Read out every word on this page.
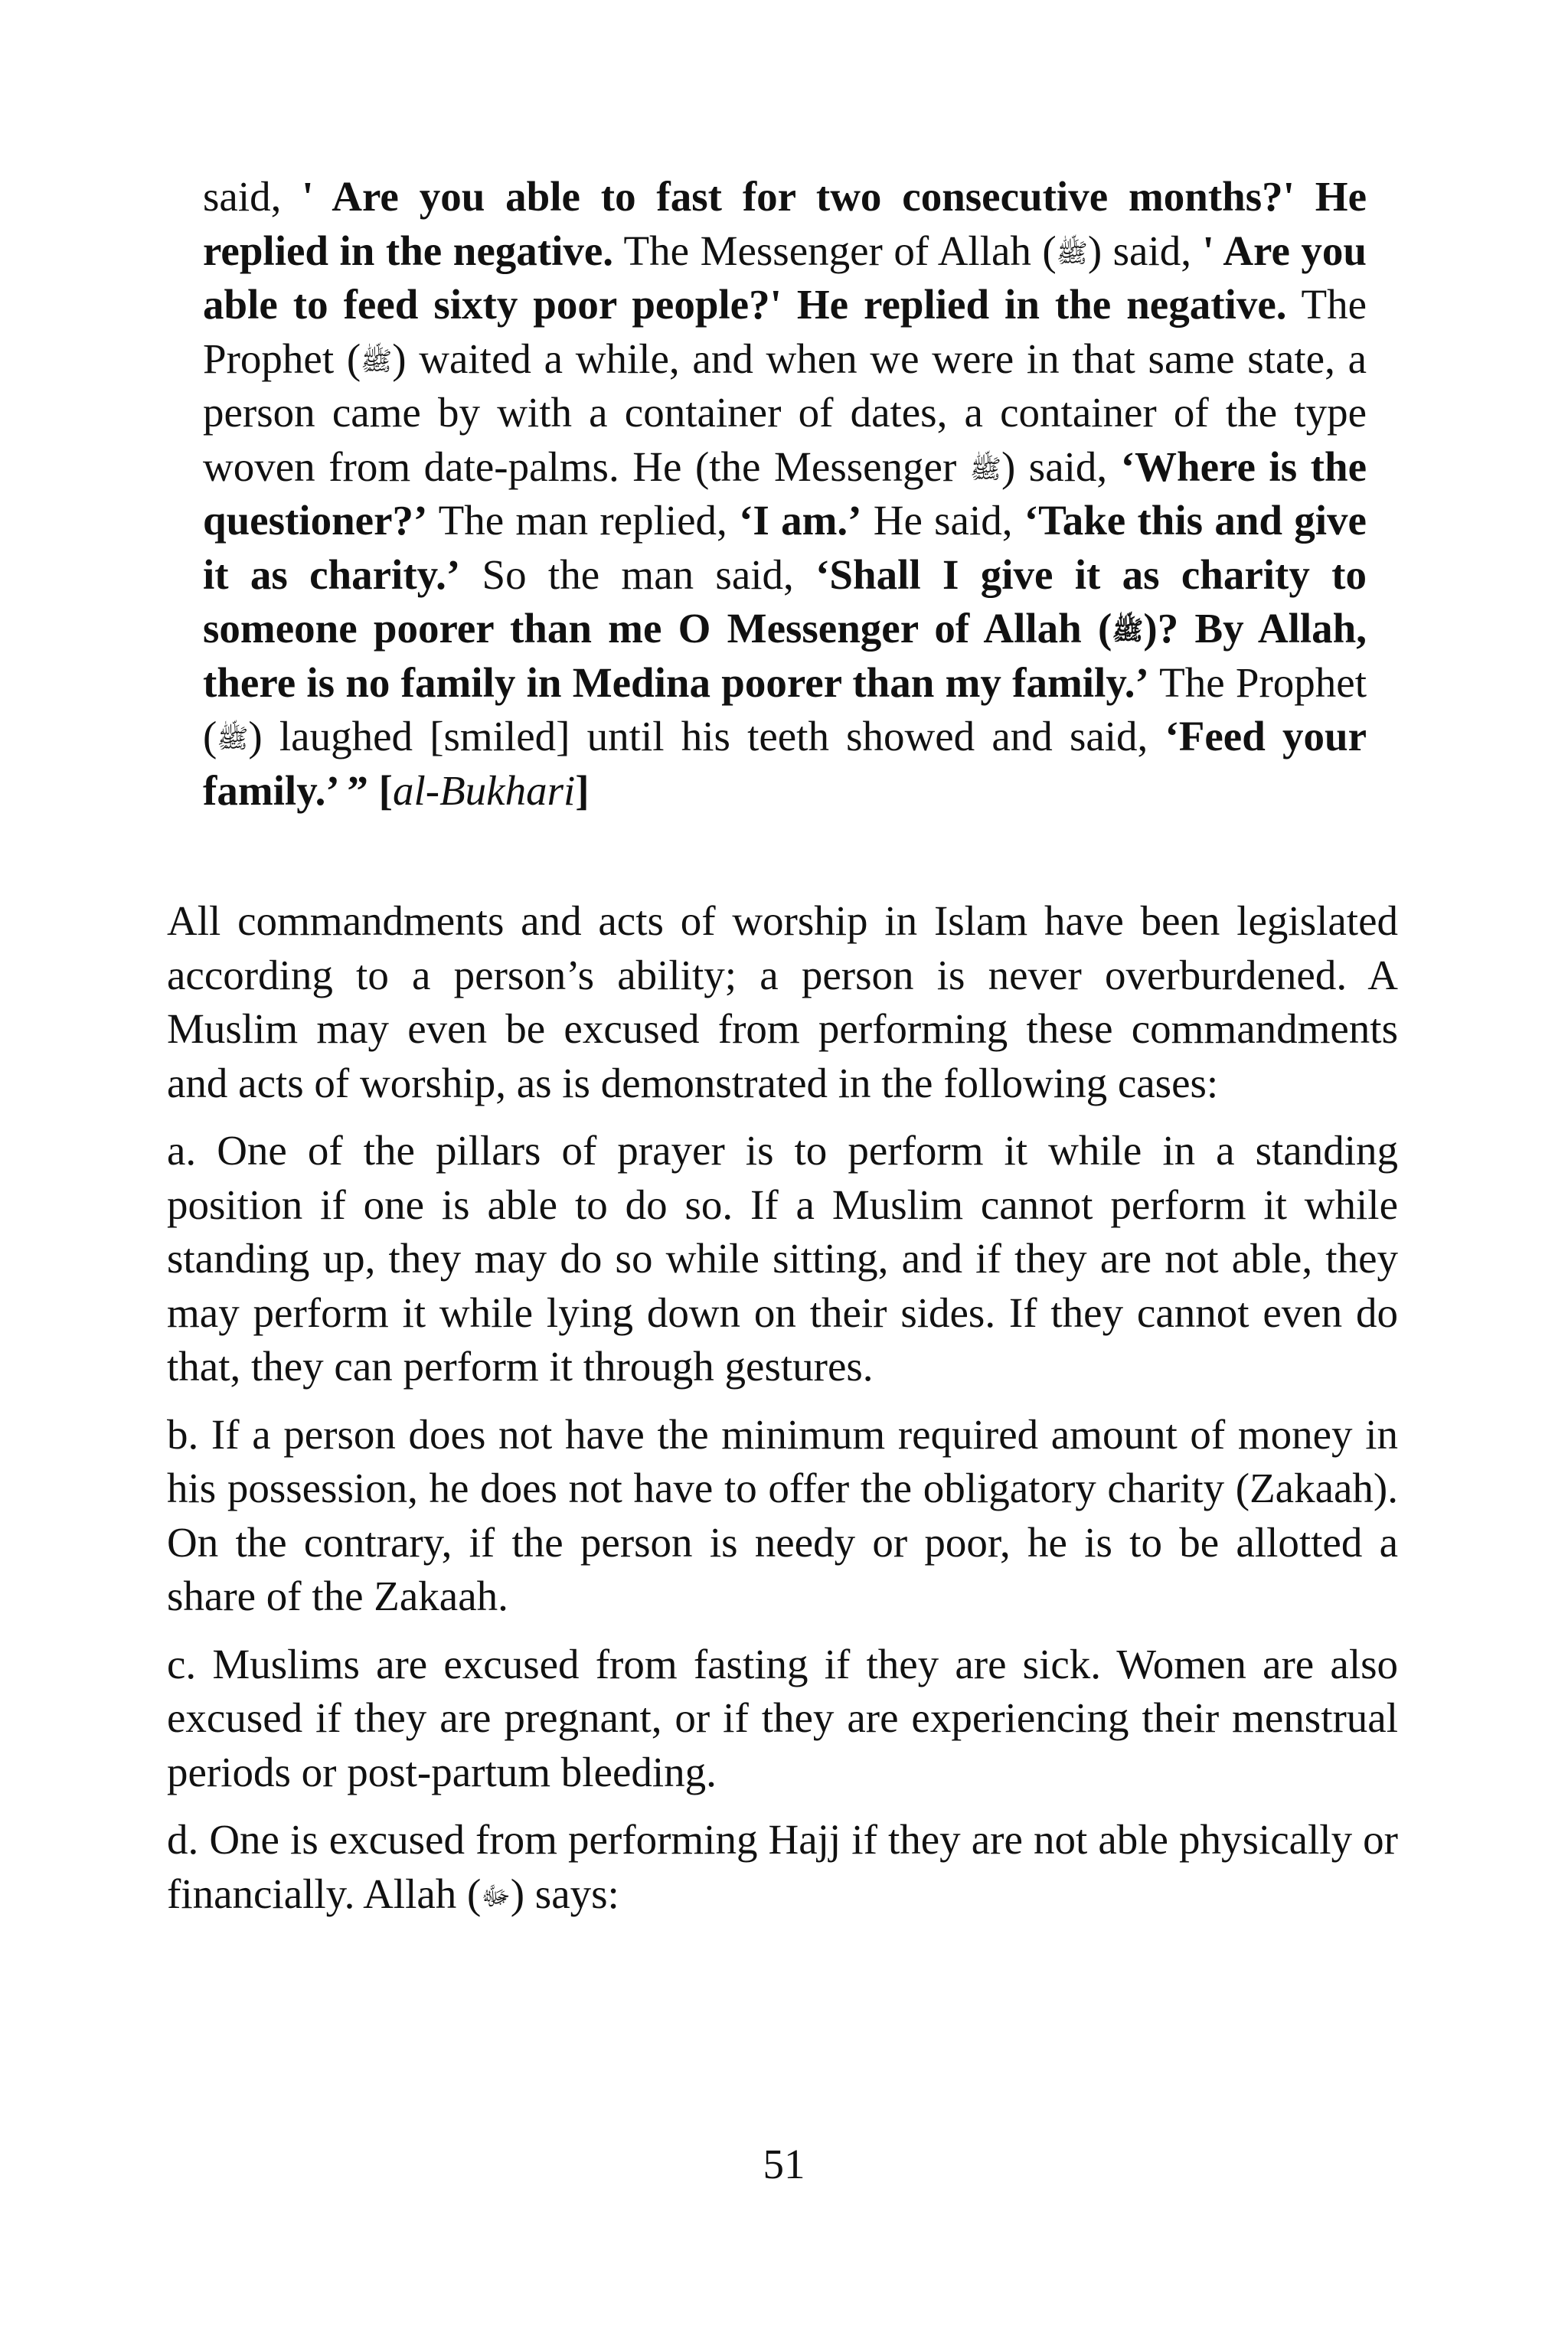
said, ' Are you able to fast for two consecutive months?' He replied in the negative. The Messenger of Allah (ﷺ) said, ' Are you able to feed sixty poor people?' He replied in the negative. The Prophet (ﷺ) waited a while, and when we were in that same state, a person came by with a container of dates, a container of the type woven from date-palms. He (the Messenger ﷺ) said, ‘Where is the questioner?’ The man replied, ‘I am.’ He said, ‘Take this and give it as charity.’ So the man said, ‘Shall I give it as charity to someone poorer than me O Messenger of Allah (ﷺ)? By Allah, there is no family in Medina poorer than my family.’ The Prophet (ﷺ) laughed [smiled] until his teeth showed and said, ‘Feed your family.’ ” [al-Bukhari]

All commandments and acts of worship in Islam have been legislated according to a person’s ability; a person is never overburdened. A Muslim may even be excused from performing these commandments and acts of worship, as is demonstrated in the following cases:

a. One of the pillars of prayer is to perform it while in a standing position if one is able to do so. If a Muslim cannot perform it while standing up, they may do so while sitting, and if they are not able, they may perform it while lying down on their sides. If they cannot even do that, they can perform it through gestures.

b. If a person does not have the minimum required amount of money in his possession, he does not have to offer the obligatory charity (Zakaah). On the contrary, if the person is needy or poor, he is to be allotted a share of the Zakaah.

c. Muslims are excused from fasting if they are sick. Women are also excused if they are pregnant, or if they are experiencing their menstrual periods or post-partum bleeding.

d. One is excused from performing Hajj if they are not able physically or financially. Allah (ﷻ) says:

51
